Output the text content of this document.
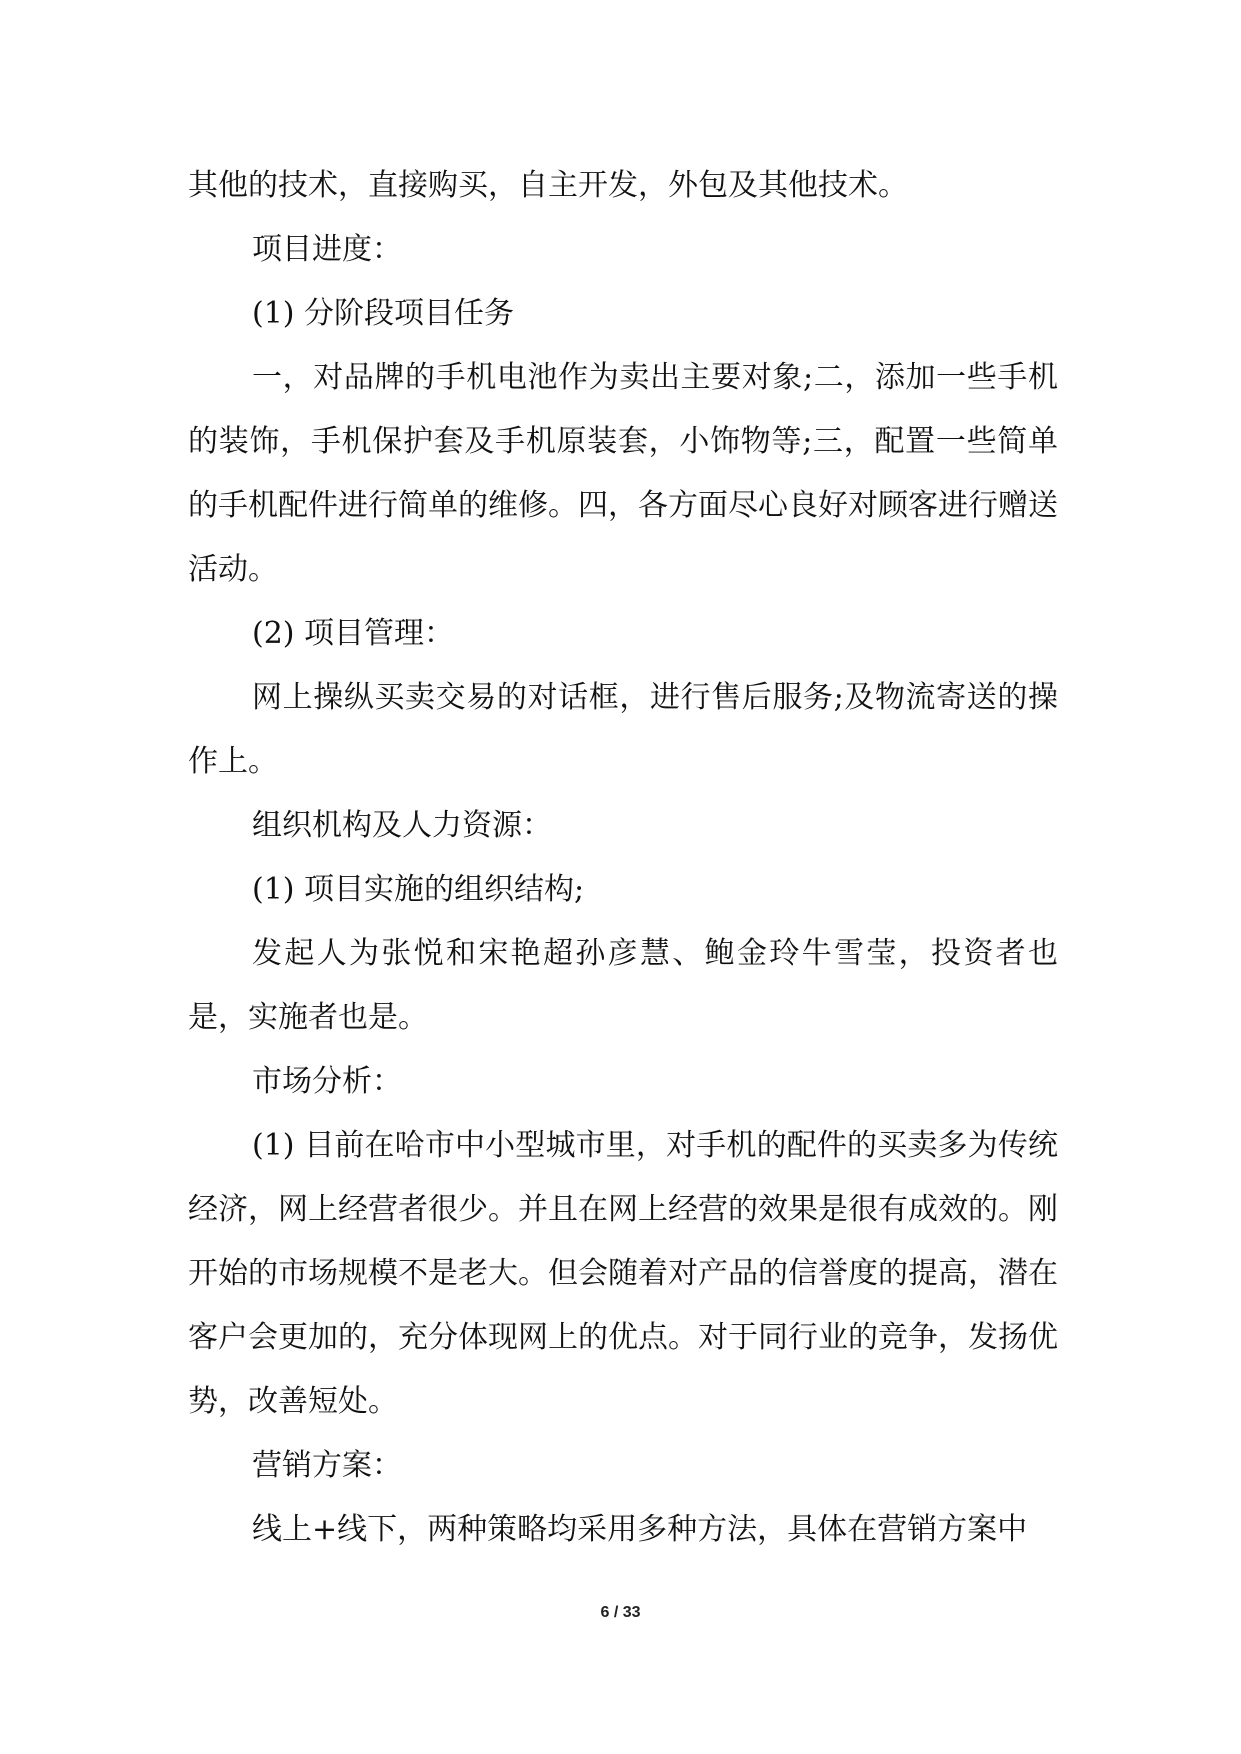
其他的技术，直接购买，自主开发，外包及其他技术。

项目进度：

(1) 分阶段项目任务

一，对品牌的手机电池作为卖出主要对象;二，添加一些手机的装饰，手机保护套及手机原装套，小饰物等;三，配置一些简单的手机配件进行简单的维修。四，各方面尽心良好对顾客进行赠送活动。

(2) 项目管理：

网上操纵买卖交易的对话框，进行售后服务;及物流寄送的操作上。

组织机构及人力资源：

(1) 项目实施的组织结构;

发起人为张悦和宋艳超孙彦慧、鲍金玲牛雪莹，投资者也是，实施者也是。

市场分析：

(1) 目前在哈市中小型城市里，对手机的配件的买卖多为传统经济，网上经营者很少。并且在网上经营的效果是很有成效的。刚开始的市场规模不是老大。但会随着对产品的信誉度的提高，潜在客户会更加的，充分体现网上的优点。对于同行业的竞争，发扬优势，改善短处。

营销方案：

线上+线下，两种策略均采用多种方法，具体在营销方案中

6 / 33
